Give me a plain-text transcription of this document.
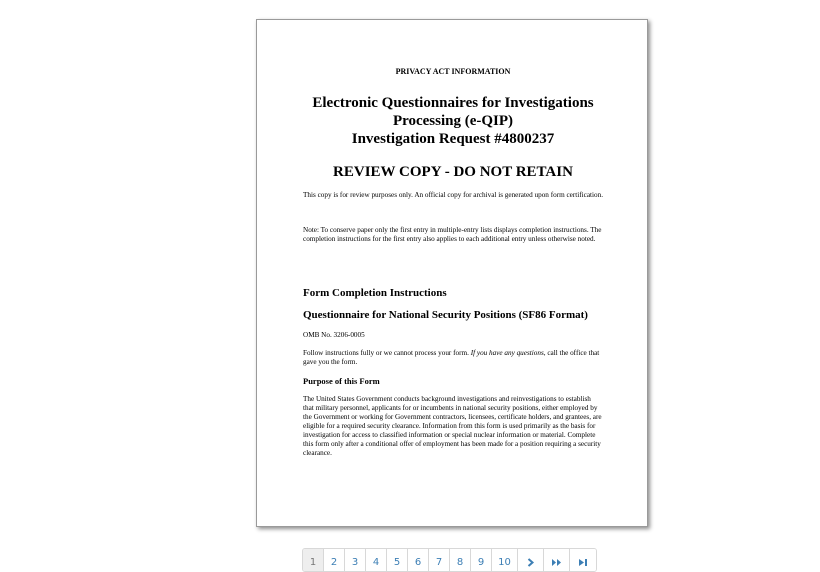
PRIVACY ACT INFORMATION
Electronic Questionnaires for Investigations
Processing (e-QIP)
Investigation Request #4800237
REVIEW COPY - DO NOT RETAIN
This copy is for review purposes only. An official copy for archival is generated upon form certification.
Note: To conserve paper only the first entry in multiple-entry lists displays completion instructions. The completion instructions for the first entry also applies to each additional entry unless otherwise noted.
Form Completion Instructions
Questionnaire for National Security Positions (SF86 Format)
OMB No. 3206-0005
Follow instructions fully or we cannot process your form. If you have any questions, call the office that gave you the form.
Purpose of this Form
The United States Government conducts background investigations and reinvestigations to establish that military personnel, applicants for or incumbents in national security positions, either employed by the Government or working for Government contractors, licensees, certificate holders, and grantees, are eligible for a required security clearance. Information from this form is used primarily as the basis for investigation for access to classified information or special nuclear information or material. Complete this form only after a conditional offer of employment has been made for a position requiring a security clearance.
1	2	3	4	5	6	7	8	9	10
